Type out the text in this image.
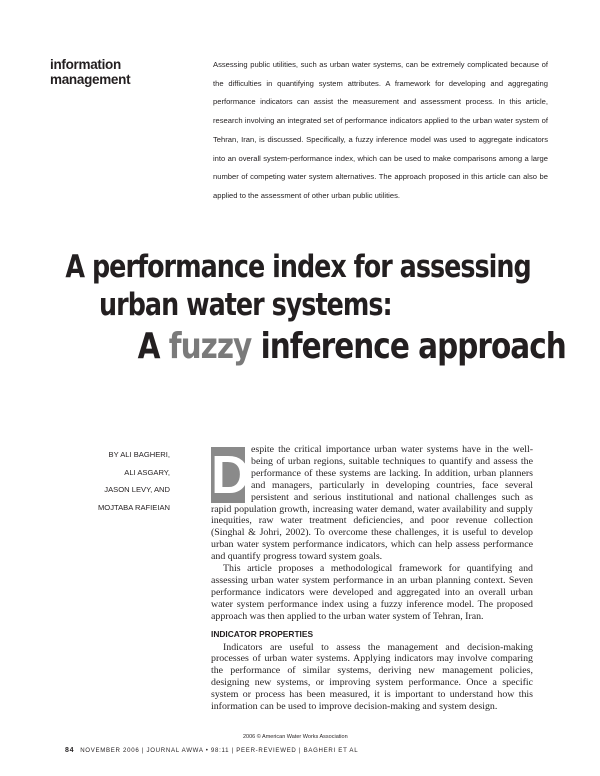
information management
Assessing public utilities, such as urban water systems, can be extremely complicated because of the difficulties in quantifying system attributes. A framework for developing and aggregating performance indicators can assist the measurement and assessment process. In this article, research involving an integrated set of performance indicators applied to the urban water system of Tehran, Iran, is discussed. Specifically, a fuzzy inference model was used to aggregate indicators into an overall system-performance index, which can be used to make comparisons among a large number of competing water system alternatives. The approach proposed in this article can also be applied to the assessment of other urban public utilities.
A performance index for assessing
urban water systems:
A fuzzy inference approach
BY ALI BAGHERI,
ALI ASGARY,
JASON LEVY, AND
MOJTABA RAFIEIAN
D espite the critical importance urban water systems have in the well-being of urban regions, suitable techniques to quantify and assess the performance of these systems are lacking. In addition, urban planners and managers, particularly in developing countries, face several persistent and serious institutional and national challenges such as rapid population growth, increasing water demand, water availability and supply inequities, raw water treatment deficiencies, and poor revenue collection (Singhal & Johri, 2002). To overcome these challenges, it is useful to develop urban water system performance indicators, which can help assess performance and quantify progress toward system goals.

This article proposes a methodological framework for quantifying and assessing urban water system performance in an urban planning context. Seven performance indicators were developed and aggregated into an overall urban water system performance index using a fuzzy inference model. The proposed approach was then applied to the urban water system of Tehran, Iran.

INDICATOR PROPERTIES

Indicators are useful to assess the management and decision-making processes of urban water systems. Applying indicators may involve comparing the performance of similar systems, deriving new management policies, designing new systems, or improving system performance. Once a specific system or process has been measured, it is important to understand how this information can be used to improve decision-making and system design.

2006 © American Water Works Association
84 NOVEMBER 2006 | JOURNAL AWWA • 98:11 | PEER-REVIEWED | BAGHERI ET AL
